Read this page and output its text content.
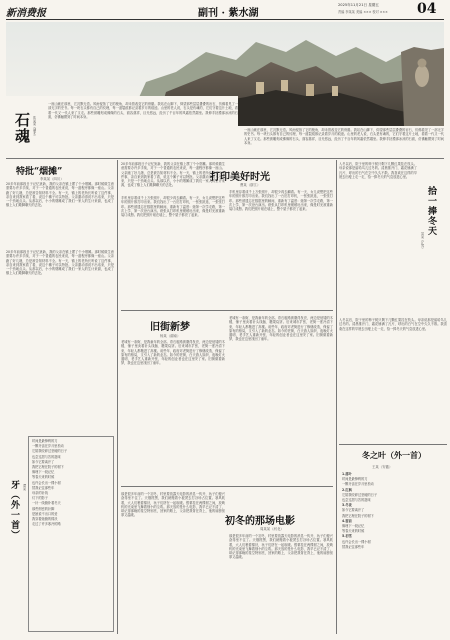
新消费报	副刊 · 紫水湖
2025年11月21日 星期五
责编 李某某 美编 ××× 校对 ××× 04
石魂 张某某（湖北）
一座山就在那里，它沉默无语。风雨侵蚀了它的棱角，却未曾改变它的骨骼。我站在山脚下，仰望那些层层叠叠的岩石，仿佛看见了一部无字的史书。每一块石头都有自己的纹理，每一道裂痕都记录着岁月的痕迹。山里的老人说，石头是有魂的，它们守着这片土地，看着一代又一代人来了又走。那些被雕刻成佛像的石头，面容慈祥，目光悠远，经历了千百年的风霜依然端坐。我伸手抚摸那冰凉的石面，仿佛触摸到了时间本身。
一座山就在那里，它沉默无语。风雨侵蚀了它的棱角，却未曾改变它的骨骼。我站在山脚下，仰望那些层层叠叠的岩石，仿佛看见了一部无字的史书。每一块石头都有自己的纹理，每一道裂痕都记录着岁月的痕迹。山里的老人说，石头是有魂的，它们守着这片土地，看着一代又一代人来了又走。那些被雕刻成佛像的石头，面容慈祥，目光悠远，经历了千百年的风霜依然端坐。我伸手抚摸那冰凉的石面，仿佛触摸到了时间本身。
特批“烟摊”
李某某（四川）
20多年前那段日子记忆犹新，我的父亲在镇上摆了个小烟摊。那时候做生意需要办许多手续，对于一个普通的农民来说，每一道程序都像一座山。父亲跑了好几趟，总是被告知材料不全。有一天，镇上的老所长听说了这件事，亲自来到我家看了看，说这个摊子可以特批。父亲激动得说不出话来，只是一个劲地点头。从那以后，小小的烟摊成了我们一家人的生计来源，也成了镇上人们歇脚聊天的去处。
20多年前那段日子记忆犹新，我的父亲在镇上摆了个小烟摊。那时候做生意需要办许多手续，对于一个普通的农民来说，每一道程序都像一座山。父亲跑了好几趟，总是被告知材料不全。有一天，镇上的老所长听说了这件事，亲自来到我家看了看，说这个摊子可以特批。父亲激动得说不出话来，只是一个劲地点头。从那以后，小小的烟摊成了我们一家人的生计来源，也成了镇上人们歇脚聊天的去处。
牙（外一首） 谭某
时间是最锋利的刀
一颗牙齿在岁月里松动
它陪我咬碎过坚硬的日子
也尝过甜与苦的滋味
如今它要离开了
我把它埋在院子的树下
像埋下一段记忆
等春天来的时候
也许会长出一棵小树
替我记住那些年
母亲的针线
灯下的影子
一针一线缝补着冬天
那些细密的针脚
是她说不出口的爱
我穿着她缝的棉袄
走过了许多寒冷的路
20多年前那段日子记忆犹新，我的父亲在镇上摆了个小烟摊。那时候做生意需要办许多手续，对于一个普通的农民来说，每一道程序都像一座山。父亲跑了好几趟，总是被告知材料不全。有一天，镇上的老所长听说了这件事，亲自来到我家看了看，说这个摊子可以特批。父亲激动得说不出话来，只是一个劲地点头。从那以后，小小的烟摊成了我们一家人的生计来源，也成了镇上人们歇脚聊天的去处。
打印美好时光
曹某（浙江）
手机里存着成千上万张照片，却很少再去翻看。有一天，女儿说想把这些年的照片都打印出来。我们找出了一台旧打印机，一张张挑选，一张张打印。那些被遗忘在数据里的瞬间，重新有了温度：她第一次学走路，第一次上学，第一次登台演出。纸张从打印机里缓缓吐出来，像是时光被重新装订成册。我们把照片贴在墙上，整个屋子都亮了起来。
手机里存着成千上万张照片，却很少再去翻看。有一天，女儿说想把这些年的照片都打印出来。我们找出了一台旧打印机，一张张挑选，一张张打印。那些被遗忘在数据里的瞬间，重新有了温度：她第一次学走路，第一次上学，第一次登台演出。纸张从打印机里缓缓吐出来，像是时光被重新装订成册。我们把照片贴在墙上，整个屋子都亮了起来。
旧街新梦
杨某（湖南）
老城有一条街，是我童年的全部。青石板路被磨得发亮，两边是低矮的木楼，铺子里卖着针头线脑、糖果烧饼。后来城市扩张，老街一度冷清下来，年轻人都搬进了高楼。前些年，政府对老街进行了修缮改造，保留了原有的格局，又引入了新的业态。如今的老街，白天游人如织，夜晚灯火通明，老手艺人重新开张，年轻的创业者也在这里安了家。旧街做着新梦，我也在这里找回了童年。
老城有一条街，是我童年的全部。青石板路被磨得发亮，两边是低矮的木楼，铺子里卖着针头线脑、糖果烧饼。后来城市扩张，老街一度冷清下来，年轻人都搬进了高楼。前些年，政府对老街进行了修缮改造，保留了原有的格局，又引入了新的业态。如今的老街，白天游人如织，夜晚灯火通明，老手艺人重新开张，年轻的创业者也在这里安了家。旧街做着新梦，我也在这里找回了童年。
初冬的那场电影
周某某（河北）
那是很多年前的一个初冬，村里要放露天电影的消息一传开，孩子们便兴奋得坐不住了。天刚擦黑，我们就搬着小板凳去打谷场占位置。寒风吹着，大人们裹着棉袄，孩子们挤在一起取暖。银幕挂在两棵树之间，放映机的光束里飞舞着细小的尘埃。那天放的是什么电影，我早已记不清了，却记得那晚的星空特别亮，回家的路上，父亲把我背在背上，他的肩膀宽厚又温暖。
那是很多年前的一个初冬，村里要放露天电影的消息一传开，孩子们便兴奋得坐不住了。天刚擦黑，我们就搬着小板凳去打谷场占位置。寒风吹着，大人们裹着棉袄，孩子们挤在一起取暖。银幕挂在两棵树之间，放映机的光束里飞舞着细小的尘埃。那天放的是什么电影，我早已记不清了，却记得那晚的星空特别亮，回家的路上，父亲把我背在背上，他的肩膀宽厚又温暖。
入冬以后，院子里的柿子树只剩下几颗红果挂在枝头。母亲说那是留给鸟儿过冬的。清晨推开门，霜花铺满了瓦片，呼出的白气在空中久久不散。我喜欢在这样的早晨去田埂上走一走，拾一捧冬天的气息放进心里。
拾一捧冬天
吴某（江苏）
入冬以后，院子里的柿子树只剩下几颗红果挂在枝头。母亲说那是留给鸟儿过冬的。清晨推开门，霜花铺满了瓦片，呼出的白气在空中久久不散。我喜欢在这样的早晨去田埂上走一走，拾一捧冬天的气息放进心里。
冬之叶（外一首）
王某（安徽）
1.落叶
时间是最锋利的刀
一颗牙齿在岁月里松动
2.红枫
它陪我咬碎过坚硬的日子
也尝过甜与苦的滋味
3.冬夜
如今它要离开了
我把它埋在院子的树下
4.窗前
像埋下一段记忆
等春天来的时候
5.初雪
也许会长出一棵小树
替我记住那些年
